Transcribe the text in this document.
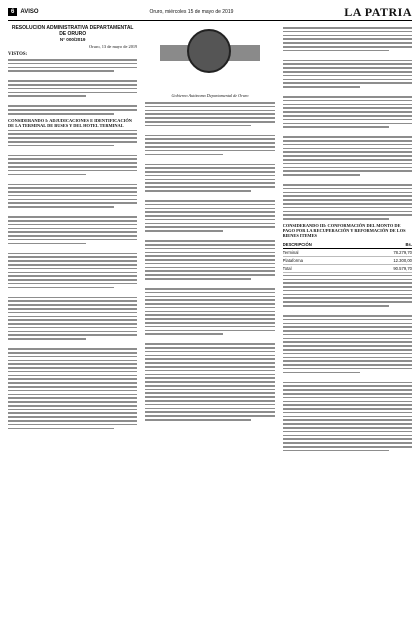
6	AVISO	Oruro, miércoles 15 de mayo de 2019	LA PATRIA
RESOLUCIÓN ADMINISTRATIVA DEPARTAMENTAL DE ORURO
N° 000/2019
Oruro, 13 de mayo de 2019
VISTOS:
CONSIDERANDO I: ADJUDICACIONES E IDENTIFICACIÓN DE LA TERMINAL DE BUSES Y DEL HOTEL TERMINAL
Gobierno Autónomo Departamental de Oruro
CONSIDERANDO III: CONFORMACIÓN DEL MONTO DE PAGO POR LA RECUPERACIÓN Y REFORMACIÓN DE LOS BIENES ITEMES
DESCRIPCIÓN	Bs.
Terminal	78.279,70
Plataforma	12.300,00
Total	90.579,70
